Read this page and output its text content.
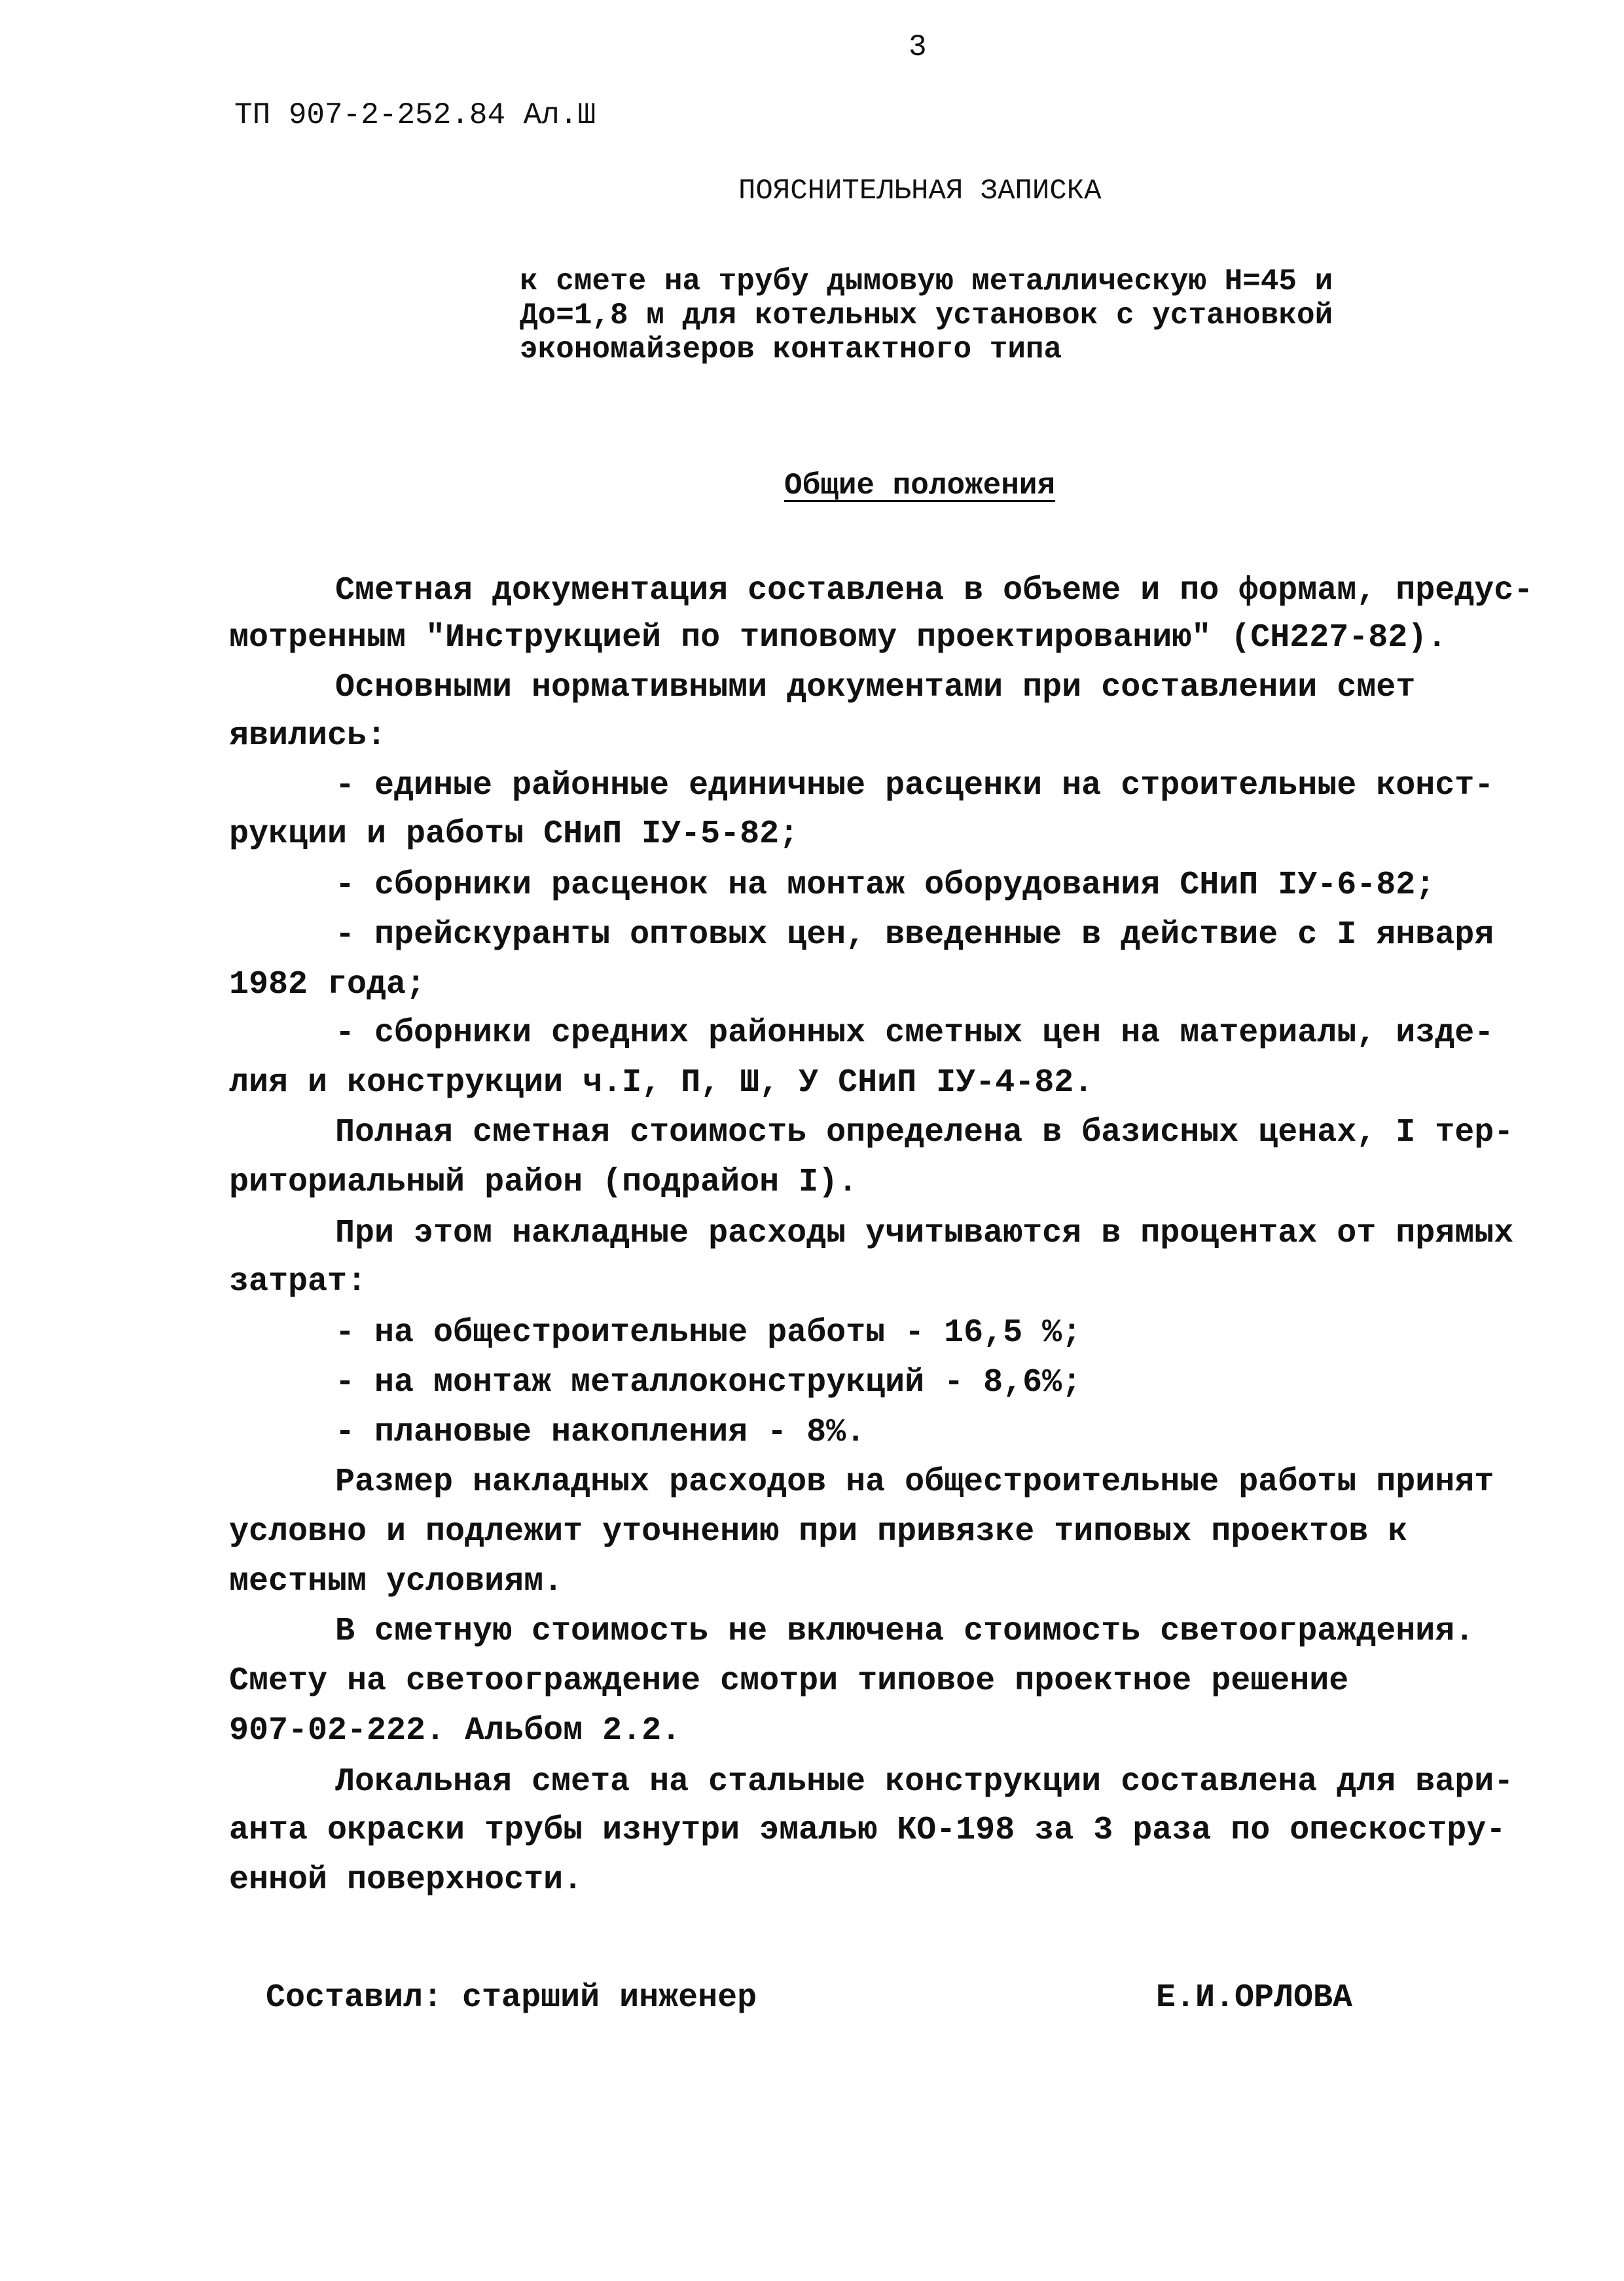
3
ТП 907-2-252.84 Ал.Ш
ПОЯСНИТЕЛЬНАЯ ЗАПИСКА
к смете на трубу дымовую металлическую Н=45 и
До=1,8 м для котельных установок с установкой
экономайзеров контактного типа
Общие положения
Сметная документация составлена в объеме и по формам, предус-
мотренным "Инструкцией по типовому проектированию" (СН227-82).
Основными нормативными документами при составлении смет
явились:
- единые районные единичные расценки на строительные конст-
рукции и работы СНиП IУ-5-82;
- сборники расценок на монтаж оборудования СНиП IУ-6-82;
- прейскуранты оптовых цен, введенные в действие с I января
1982 года;
- сборники средних районных сметных цен на материалы, изде-
лия и конструкции ч.I, П, Ш, У СНиП IУ-4-82.
Полная сметная стоимость определена в базисных ценах, I тер-
риториальный район (подрайон I).
При этом накладные расходы учитываются в процентах от прямых
затрат:
- на общестроительные работы - 16,5 %;
- на монтаж металлоконструкций - 8,6%;
- плановые накопления - 8%.
Размер накладных расходов на общестроительные работы принят
условно и подлежит уточнению при привязке типовых проектов к
местным условиям.
В сметную стоимость не включена стоимость светоограждения.
Смету на светоограждение смотри типовое проектное решение
907-02-222. Альбом 2.2.
Локальная смета на стальные конструкции составлена для вари-
анта окраски трубы изнутри эмалью КО-198 за 3 раза по опескостру-
енной поверхности.
Составил: старший инженер	Е.И.ОРЛОВА
